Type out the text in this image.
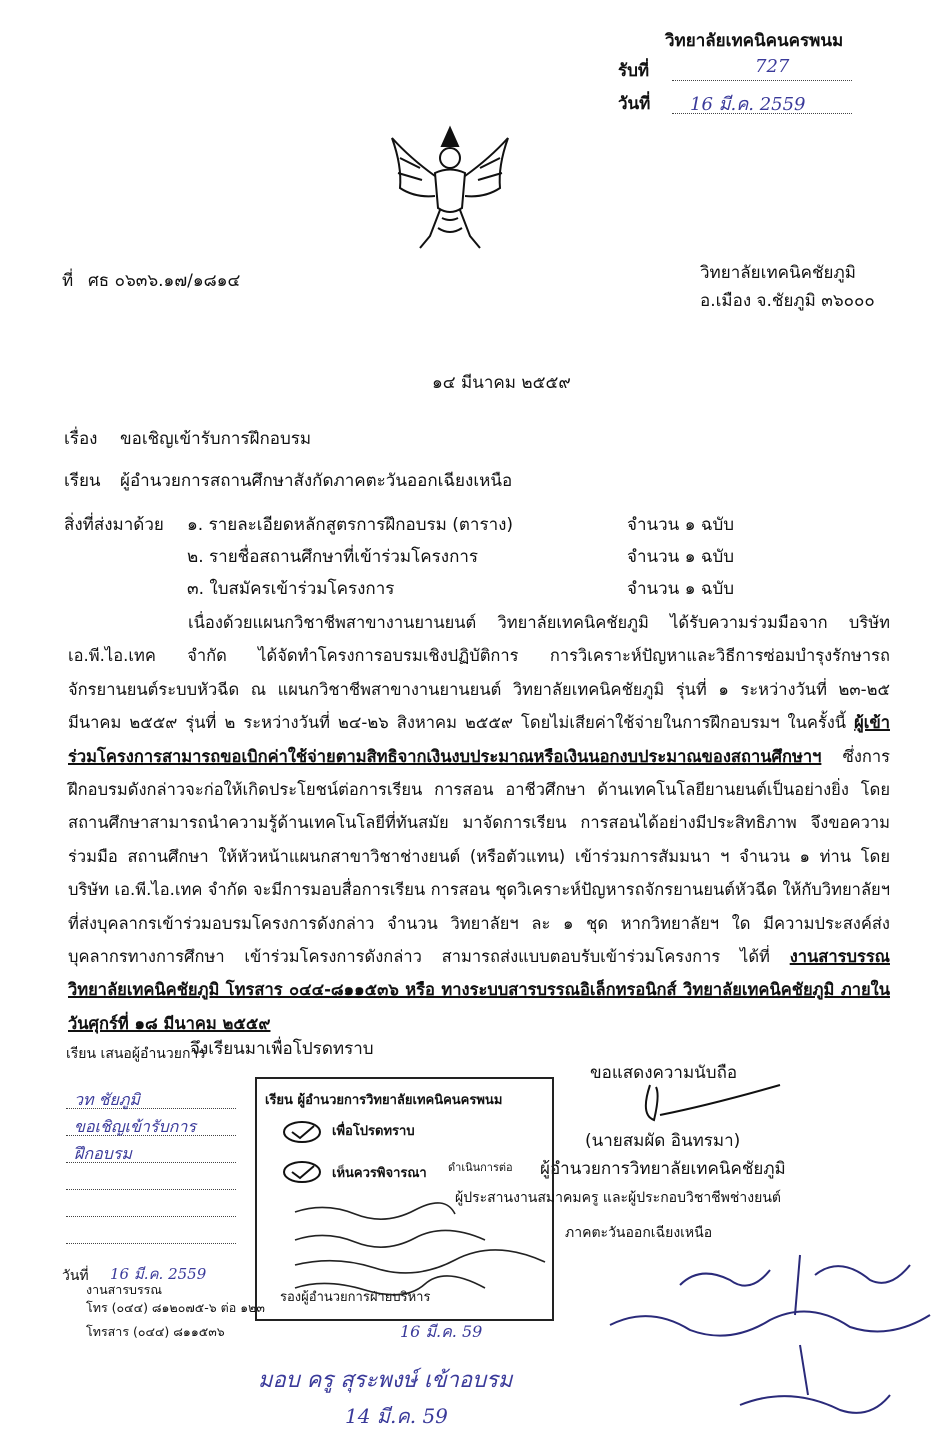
วิทยาลัยเทคนิคนครพนม
รับที่	727
วันที่ 16 มี.ค. 2559
ที่ ศธ ๐๖๓๖.๑๗/๑๘๑๔	วิทยาลัยเทคนิคชัยภูมิ
อ.เมือง จ.ชัยภูมิ ๓๖๐๐๐
๑๔ มีนาคม ๒๕๕๙
เรื่อง ขอเชิญเข้ารับการฝึกอบรม
เรียน ผู้อำนวยการสถานศึกษาสังกัดภาคตะวันออกเฉียงเหนือ
สิ่งที่ส่งมาด้วย ๑. รายละเอียดหลักสูตรการฝึกอบรม (ตาราง)	จำนวน ๑ ฉบับ
๒. รายชื่อสถานศึกษาที่เข้าร่วมโครงการ	จำนวน ๑ ฉบับ
๓. ใบสมัครเข้าร่วมโครงการ	จำนวน ๑ ฉบับ
เนื่องด้วยแผนกวิชาชีพสาขางานยานยนต์ วิทยาลัยเทคนิคชัยภูมิ ได้รับความร่วมมือจาก บริษัท เอ.พี.ไอ.เทค จำกัด ได้จัดทำโครงการอบรมเชิงปฏิบัติการ การวิเคราะห์ปัญหาและวิธีการซ่อมบำรุงรักษารถจักรยานยนต์ระบบหัวฉีด ณ แผนกวิชาชีพสาขางานยานยนต์ วิทยาลัยเทคนิคชัยภูมิ รุ่นที่ ๑ ระหว่างวันที่ ๒๓-๒๕ มีนาคม ๒๕๕๙ รุ่นที่ ๒ ระหว่างวันที่ ๒๔-๒๖ สิงหาคม ๒๕๕๙ โดยไม่เสียค่าใช้จ่ายในการฝึกอบรมฯ ในครั้งนี้ ผู้เข้าร่วมโครงการสามารถขอเบิกค่าใช้จ่ายตามสิทธิจากเงินงบประมาณหรือเงินนอกงบประมาณของสถานศึกษาฯ ซึ่งการฝึกอบรมดังกล่าวจะก่อให้เกิดประโยชน์ต่อการเรียน การสอน อาชีวศึกษา ด้านเทคโนโลยียานยนต์เป็นอย่างยิ่ง โดยสถานศึกษาสามารถนำความรู้ด้านเทคโนโลยีที่ทันสมัย มาจัดการเรียน การสอนได้อย่างมีประสิทธิภาพ จึงขอความร่วมมือ สถานศึกษา ให้หัวหน้าแผนกสาขาวิชาช่างยนต์ (หรือตัวแทน) เข้าร่วมการสัมมนา ฯ จำนวน ๑ ท่าน โดย บริษัท เอ.พี.ไอ.เทค จำกัด จะมีการมอบสื่อการเรียน การสอน ชุดวิเคราะห์ปัญหารถจักรยานยนต์หัวฉีด ให้กับวิทยาลัยฯ ที่ส่งบุคลากรเข้าร่วมอบรมโครงการดังกล่าว จำนวน วิทยาลัยฯ ละ ๑ ชุด หากวิทยาลัยฯ ใด มีความประสงค์ส่งบุคลากรทางการศึกษา เข้าร่วมโครงการดังกล่าว สามารถส่งแบบตอบรับเข้าร่วมโครงการ ได้ที่ งานสารบรรณ วิทยาลัยเทคนิคชัยภูมิ โทรสาร ๐๔๔-๘๑๑๕๓๖ หรือ ทางระบบสารบรรณอิเล็กทรอนิกส์ วิทยาลัยเทคนิคชัยภูมิ ภายในวันศุกร์ที่ ๑๘ มีนาคม ๒๕๕๙
จึงเรียนมาเพื่อโปรดทราบ
ขอแสดงความนับถือ
(นายสมผัด อินทรมา)
ผู้อำนวยการวิทยาลัยเทคนิคชัยภูมิ
เรียน เสนอผู้อำนวยการ
วท ชัยภูมิ
ขอเชิญเข้ารับการ
ฝึกอบรม
วันที่ 16 มี.ค. 2559
งานสารบรรณ
โทร (๐๔๔) ๘๑๒๐๗๕-๖ ต่อ ๑๒๓
โทรสาร (๐๔๔) ๘๑๑๕๓๖
เรียน ผู้อำนวยการวิทยาลัยเทคนิคนครพนม
เพื่อโปรดทราบ
เห็นควรพิจารณา ดำเนินการต่อ
รองผู้อำนวยการฝ่ายบริหาร
ผู้ประสานงานสมาคมครู และผู้ประกอบวิชาชีพช่างยนต์
ภาคตะวันออกเฉียงเหนือ
มอบ ครู สุระพงษ์ เข้าอบรม
14 มี.ค. 59
16 มี.ค. 59
